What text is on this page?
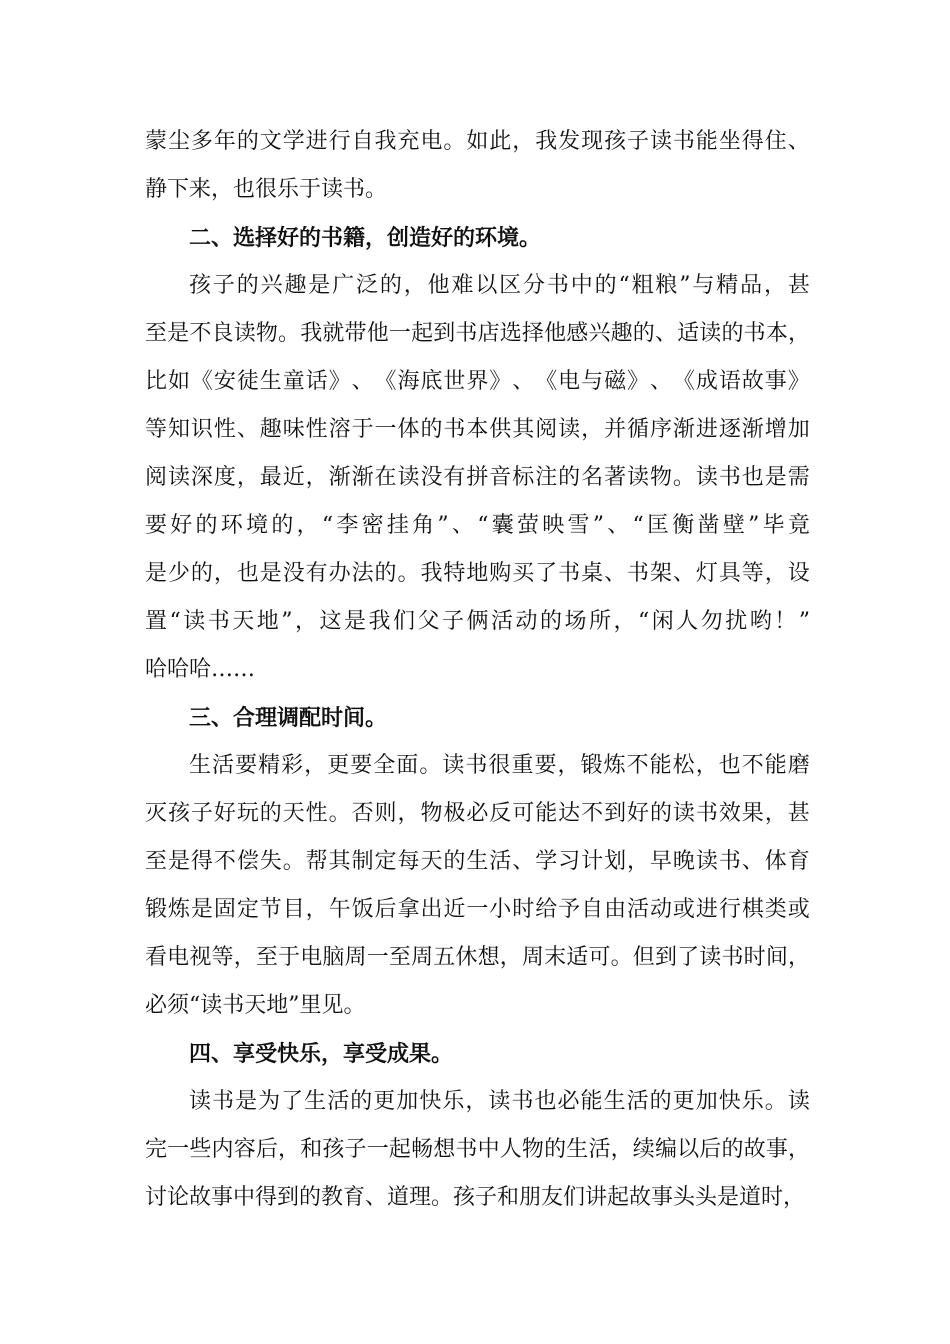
蒙 尘 多 年 的 文 学 进 行 自 我 充 电 。 如 此 ， 我 发 现 孩 子 读 书 能 坐 得 住 、
静下来，也很乐于读书。
二、选择好的书籍，创造好的环境。
孩 子 的 兴 趣 是 广 泛 的 ， 他 难 以 区 分 书 中 的 “ 粗 粮 ” 与 精 品 ， 甚
至 是 不 良 读 物 。 我 就 带 他 一 起 到 书 店 选 择 他 感 兴 趣 的 、 适 读 的 书 本 ，
比 如 《 安 徒 生 童 话 》 、 《 海 底 世 界 》 、 《 电 与 磁 》 、 《 成 语 故 事 》
等 知 识 性 、 趣 味 性 溶 于 一 体 的 书 本 供 其 阅 读 ， 并 循 序 渐 进 逐 渐 增 加
阅 读 深 度 ， 最 近 ， 渐 渐 在 读 没 有 拼 音 标 注 的 名 著 读 物 。 读 书 也 是 需
要 好 的 环 境 的 ， “ 李 密 挂 角 ” 、 “ 囊 萤 映 雪 ” 、 “ 匡 衡 凿 壁 ” 毕 竟
是 少 的 ， 也 是 没 有 办 法 的 。 我 特 地 购 买 了 书 桌 、 书 架 、 灯 具 等 ， 设
置 “ 读 书 天 地 ” ， 这 是 我 们 父 子 俩 活 动 的 场 所 ， “ 闲 人 勿 扰 哟 ！ ”
哈哈哈……
三、合理调配时间。
生 活 要 精 彩 ， 更 要 全 面 。 读 书 很 重 要 ， 锻 炼 不 能 松 ， 也 不 能 磨
灭 孩 子 好 玩 的 天 性 。 否 则 ， 物 极 必 反 可 能 达 不 到 好 的 读 书 效 果 ， 甚
至 是 得 不 偿 失 。 帮 其 制 定 每 天 的 生 活 、 学 习 计 划 ， 早 晚 读 书 、 体 育
锻 炼 是 固 定 节 目 ， 午 饭 后 拿 出 近 一 小 时 给 予 自 由 活 动 或 进 行 棋 类 或
看 电 视 等 ， 至 于 电 脑 周 一 至 周 五 休 想 ， 周 末 适 可 。 但 到 了 读 书 时 间 ，
必须“读书天地”里见。
四、享受快乐，享受成果。
读 书 是 为 了 生 活 的 更 加 快 乐 ， 读 书 也 必 能 生 活 的 更 加 快 乐 。 读
完 一 些 内 容 后 ， 和 孩 子 一 起 畅 想 书 中 人 物 的 生 活 ， 续 编 以 后 的 故 事 ，
讨论故事中得到的教育、道理。孩子和朋友们讲起故事头头是道时，
